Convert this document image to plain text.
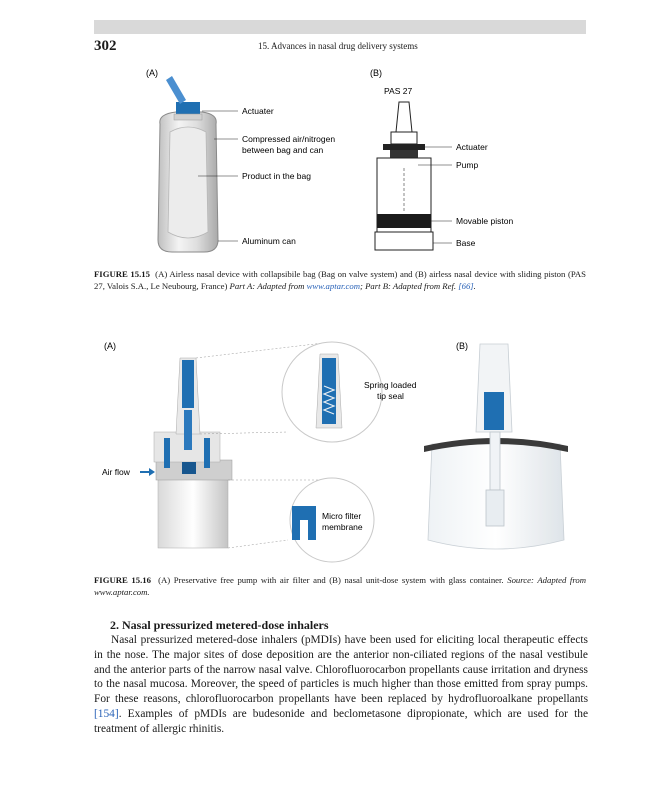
302	15. Advances in nasal drug delivery systems
(A)	(B)
Actuater
Compressed air/nitrogen
between bag and can
Product in the bag
Aluminum can
PAS 27
Actuater
Pump
Movable piston
Base
FIGURE 15.15 (A) Airless nasal device with collapsibile bag (Bag on valve system) and (B) airless nasal device with sliding piston (PAS 27, Valois S.A., Le Neubourg, France) Part A: Adapted from www.aptar.com; Part B: Adapted from Ref. [66].
(A)	(B)
Air flow
Spring loaded
tip seal
Micro filter
membrane
FIGURE 15.16 (A) Preservative free pump with air filter and (B) nasal unit-dose system with glass container. Source: Adapted from www.aptar.com.
2. Nasal pressurized metered-dose inhalers

Nasal pressurized metered-dose inhalers (pMDIs) have been used for eliciting local therapeutic effects in the nose. The major sites of dose deposition are the anterior non-ciliated regions of the nasal vestibule and the anterior parts of the narrow nasal valve. Chlorofluorocarbon propellants cause irritation and dryness to the nasal mucosa. Moreover, the speed of particles is much higher than those emitted from spray pumps. For these reasons, chlorofluorocarbon propellants have been replaced by hydrofluoroalkane propellants [154]. Examples of pMDIs are budesonide and beclometasone dipropionate, which are used for the treatment of allergic rhinitis.
